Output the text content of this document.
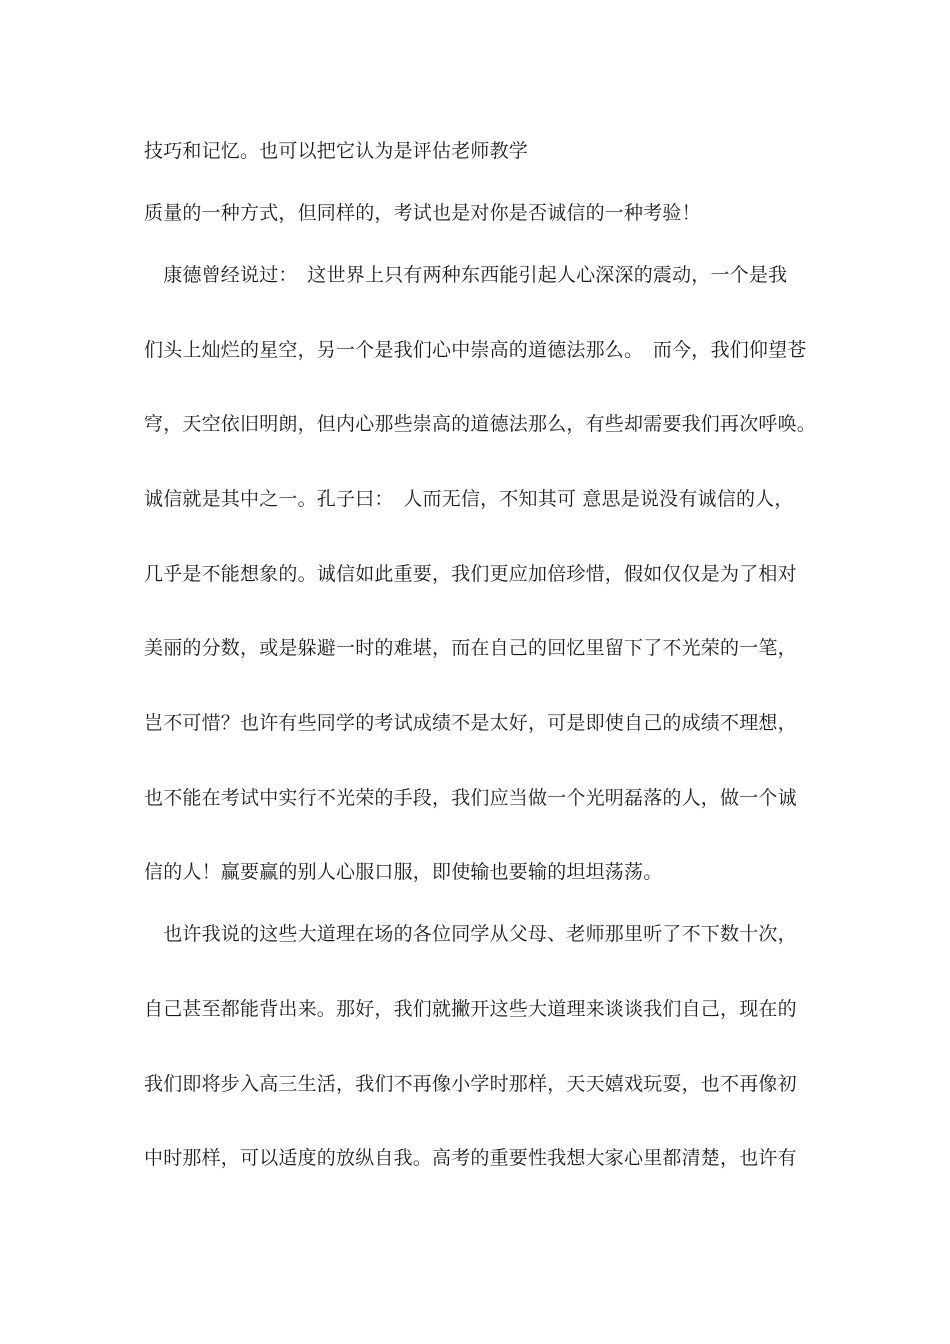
技巧和记忆。也可以把它认为是评估老师教学
质量的一种方式，但同样的，考试也是对你是否诚信的一种考验！
　康德曾经说过：　这世界上只有两种东西能引起人心深深的震动，一个是我
们头上灿烂的星空，另一个是我们心中崇高的道德法那么。　而今，我们仰望苍
穹，天空依旧明朗，但内心那些崇高的道德法那么，有些却需要我们再次呼唤。
诚信就是其中之一。孔子曰：　人而无信，不知其可 意思是说没有诚信的人，
几乎是不能想象的。诚信如此重要，我们更应加倍珍惜，假如仅仅是为了相对
美丽的分数，或是躲避一时的难堪，而在自己的回忆里留下了不光荣的一笔，
岂不可惜？也许有些同学的考试成绩不是太好，可是即使自己的成绩不理想，
也不能在考试中实行不光荣的手段，我们应当做一个光明磊落的人，做一个诚
信的人！赢要赢的别人心服口服，即使输也要输的坦坦荡荡。
　也许我说的这些大道理在场的各位同学从父母、老师那里听了不下数十次，
自己甚至都能背出来。那好，我们就撇开这些大道理来谈谈我们自己，现在的
我们即将步入高三生活，我们不再像小学时那样，天天嬉戏玩耍，也不再像初
中时那样，可以适度的放纵自我。高考的重要性我想大家心里都清楚，也许有
